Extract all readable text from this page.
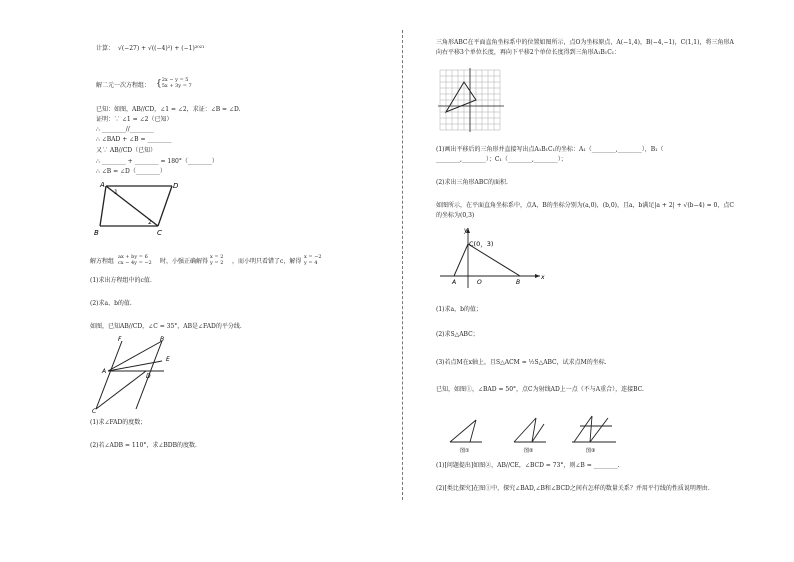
计算： √(−27) + √((−4)²) + (−1)²⁰²¹
解二元一次方程组： { 2x − y = 5
5x + 3y = 7
已知：如图，AB//CD，∠1 = ∠2，求证：∠B = ∠D.
证明：∵ ∠1 = ∠2（已知）
∴ ________//________
∴ ∠BAD + ∠B = ________
又∵ AB//CD（已知）
∴ ________ + ________ = 180°（________）
∴ ∠B = ∠D（________）
A	D
B	C
1
2
解方程组
ax + by = 6
cx − 4y = −2 时，小强正确解得
x = 2
y = 2 ，而小明只看错了c，解得
x = −2
y = 4
(1)求出方程组中的c值.
(2)求a、b的值.
如图，已知AB//CD，∠C = 35°，AB是∠FAD的平分线.
F	B
E
A
D
C
(1)求∠FAD的度数；
(2)若∠ADB = 110°，求∠BDB的度数.
三角形ABC在平面直角坐标系中的位置如图所示，点O为坐标原点，A(−1,4)，B(−4,−1)，C(1,1)，将三角形A
向右平移3个单位长度，再向下平移2个单位长度得到三角形A₁B₁C₁：
(1)画出平移后的三角形并直接写出点A₁B₁C₁的坐标：A₁（________,________），B₁（
________,________）；C₁（________,________）；
(2)求出三角形ABC的面积.
如图所示，在平面直角坐标系中，点A，B的坐标分别为(a,0)，(b,0)，且a，b满足|a + 2| + √(b−4) = 0，点C
的坐标为(0,3)
y
x
C(0，3)
A	O	B
(1)求a，b的值；
(2)求S△ABC；
(3)若点M在x轴上，且S△ACM = ½S△ABC，试求点M的坐标.
已知，如图①，∠BAD = 50°，点C为射线AD上一点（不与A重合），连接BC.
图①	图②	图③
(1)[问题提出]如图②，AB//CE，∠BCD = 73°，则∠B = ________.
(2)[类比探究]在图①中，探究∠BAD,∠B和∠BCD之间有怎样的数量关系？并用平行线的性质说明理由.
